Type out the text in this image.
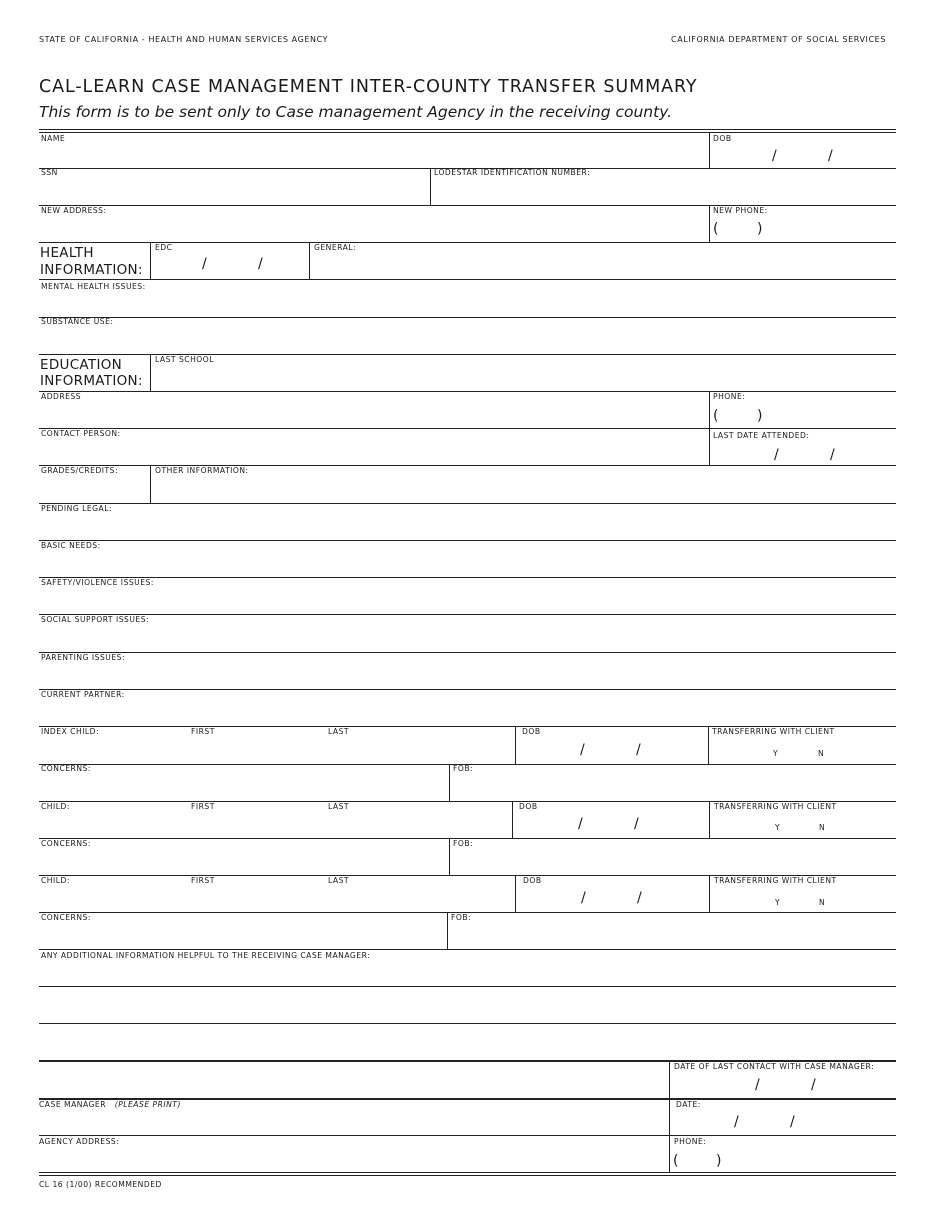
STATE OF CALIFORNIA - HEALTH AND HUMAN SERVICES AGENCY	CALIFORNIA DEPARTMENT OF SOCIAL SERVICES
CAL-LEARN CASE MANAGEMENT INTER-COUNTY TRANSFER SUMMARY
This form is to be sent only to Case management Agency in the receiving county.
NAME	DOB
/	/
SSN	LODESTAR IDENTIFICATION NUMBER:
NEW ADDRESS:	NEW PHONE:
(	)
HEALTH
INFORMATION:
EDC
/	/
GENERAL:
MENTAL HEALTH ISSUES:
SUBSTANCE USE:
EDUCATION
INFORMATION:
LAST SCHOOL
ADDRESS	PHONE:
(	)
CONTACT PERSON:	LAST DATE ATTENDED:
/	/
GRADES/CREDITS:	OTHER INFORMATION:
PENDING LEGAL:
BASIC NEEDS:
SAFETY/VIOLENCE ISSUES:
SOCIAL SUPPORT ISSUES:
PARENTING ISSUES:
CURRENT PARTNER:
INDEX CHILD:	FIRST	LAST	DOB
/	/
TRANSFERRING WITH CLIENT
Y	N
CONCERNS:	FOB:
CHILD:	FIRST	LAST	DOB
/	/
TRANSFERRING WITH CLIENT
Y	N
CONCERNS:	FOB:
CHILD:	FIRST	LAST	DOB
/	/
TRANSFERRING WITH CLIENT
Y	N
CONCERNS:	FOB:
ANY ADDITIONAL INFORMATION HELPFUL TO THE RECEIVING CASE MANAGER:
DATE OF LAST CONTACT WITH CASE MANAGER:
/	/
CASE MANAGER (PLEASE PRINT)	DATE:
/	/
AGENCY ADDRESS:	PHONE:
(	)
CL 16 (1/00) RECOMMENDED
